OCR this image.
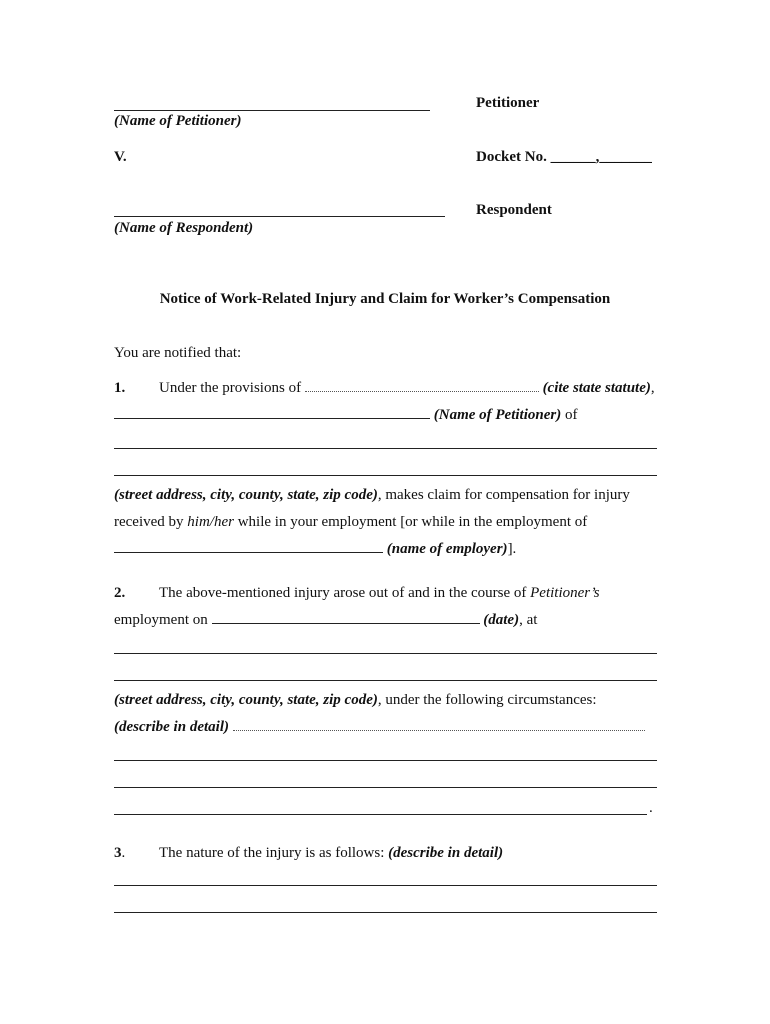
(Name of Petitioner)
Petitioner
V.	Docket No. ______,_______
(Name of Respondent)
Respondent
Notice of Work-Related Injury and Claim for Worker’s Compensation
You are notified that:
1. Under the provisions of	(cite state statute),
(Name of Petitioner) of
(street address, city, county, state, zip code), makes claim for compensation for injury
received by him/her while in your employment [or while in the employment of
(name of employer)].
2. The above-mentioned injury arose out of and in the course of Petitioner’s
employment on	(date), at
(street address, city, county, state, zip code), under the following circumstances:
(describe in detail)
.
3. The nature of the injury is as follows: (describe in detail)
